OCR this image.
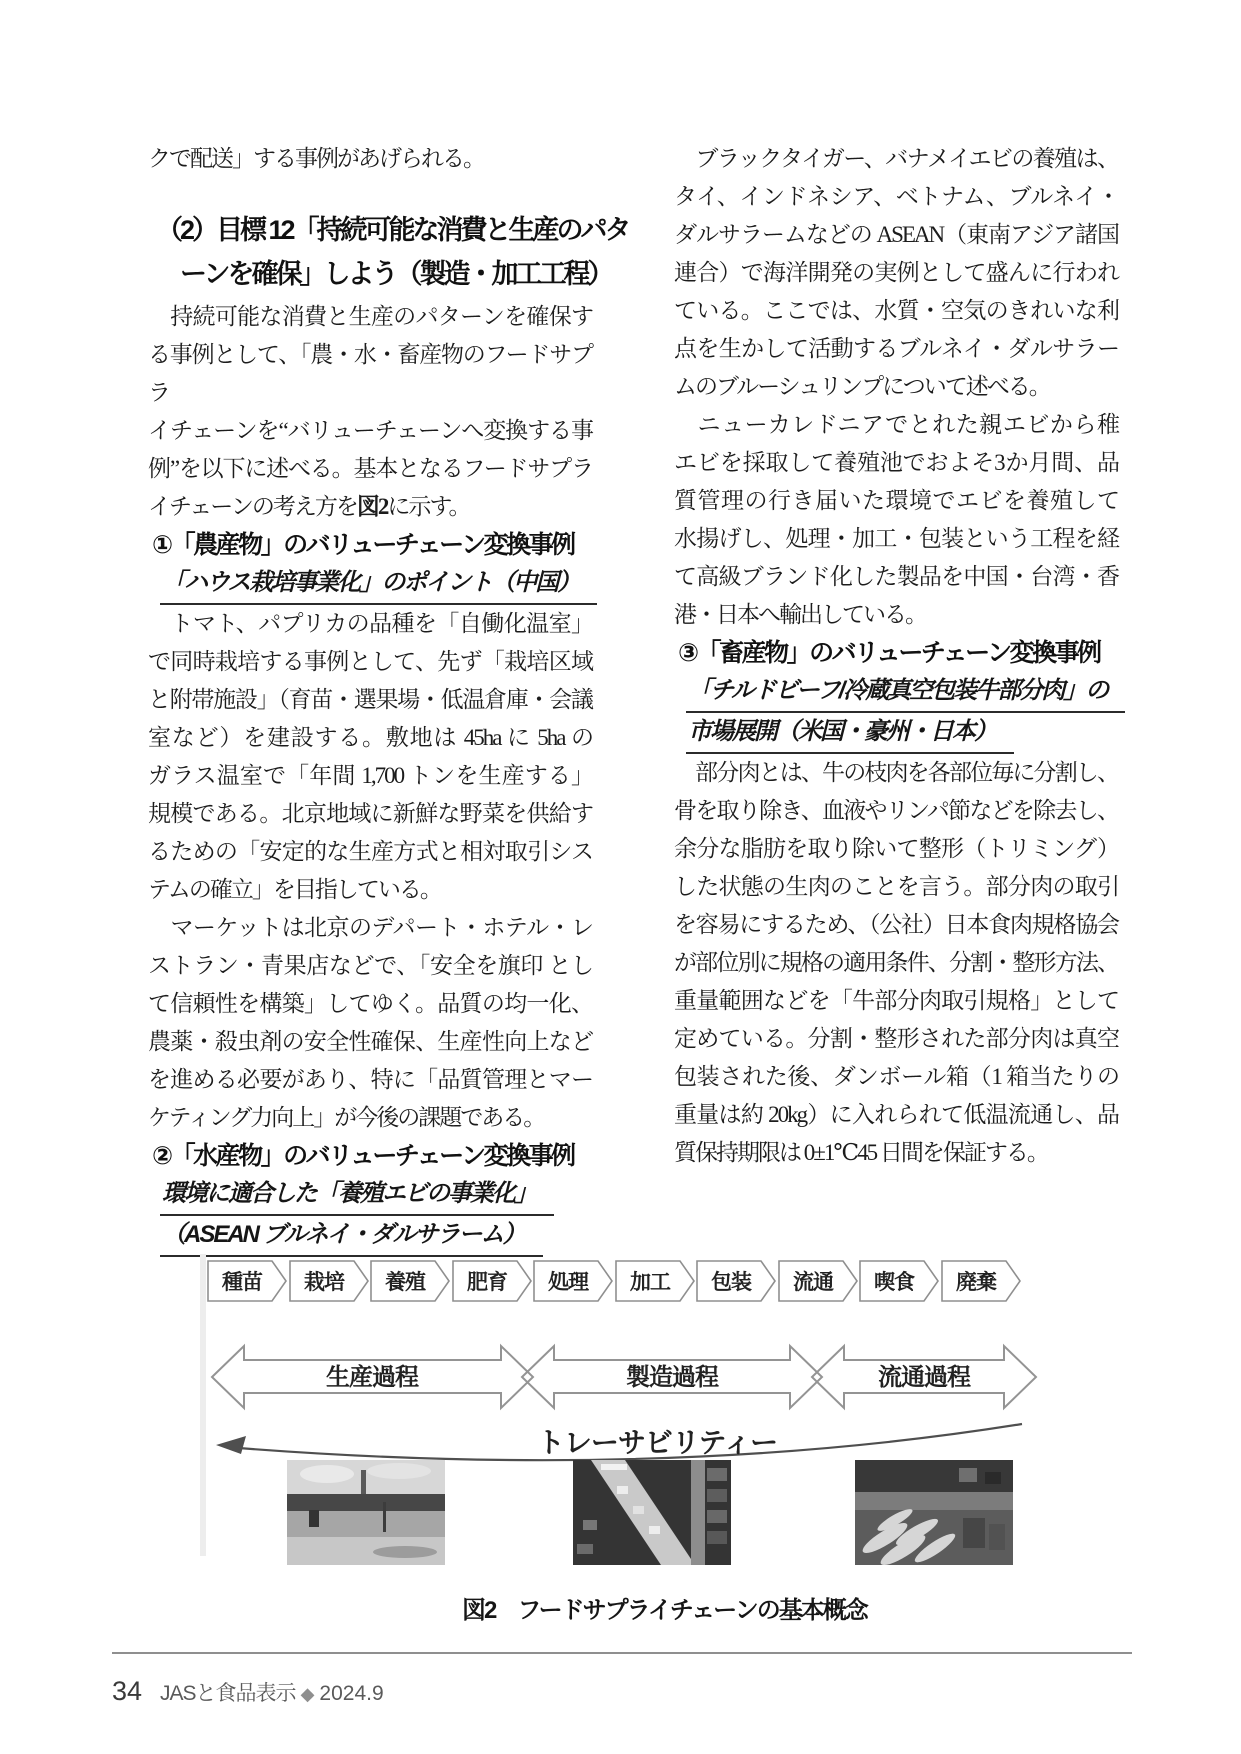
クで配送」する事例があげられる。
（2）目標 12「持続可能な消費と生産のパタ
　ーンを確保」しよう（製造・加工工程）
　持続可能な消費と生産のパターンを確保す
る事例として、「農・水・畜産物のフードサプラ
イチェーンを“バリューチェーンへ変換する事
例”を以下に述べる。基本となるフードサプラ
イチェーンの考え方を図2に示す。
①「農産物」のバリューチェーン変換事例
「ハウス栽培事業化」のポイント（中国）
　トマト、パプリカの品種を「自働化温室」
で同時栽培する事例として、先ず「栽培区域
と附帯施設」（育苗・選果場・低温倉庫・会議
室など）を建設する。敷地は 45ha に 5ha の
ガラス温室で「年間 1,700 トンを生産する」
規模である。北京地域に新鮮な野菜を供給す
るための「安定的な生産方式と相対取引シス
テムの確立」を目指している。
　マーケットは北京のデパート・ホテル・レ
ストラン・青果店などで、「安全を旗印 とし
て信頼性を構築」してゆく。品質の均一化、
農薬・殺虫剤の安全性確保、生産性向上など
を進める必要があり、特に「品質管理とマー
ケティング力向上」が今後の課題である。
②「水産物」のバリューチェーン変換事例
環境に適合した「養殖エビの事業化」
（ASEAN ブルネイ・ダルサラーム）
　ブラックタイガー、バナメイエビの養殖は、
タイ、インドネシア、ベトナム、ブルネイ・
ダルサラームなどの ASEAN（東南アジア諸国
連合）で海洋開発の実例として盛んに行われ
ている。ここでは、水質・空気のきれいな利
点を生かして活動するブルネイ・ダルサラー
ムのブルーシュリンプについて述べる。
　ニューカレドニアでとれた親エビから稚
エビを採取して養殖池でおよそ3か月間、品
質管理の行き届いた環境でエビを養殖して
水揚げし、処理・加工・包装という工程を経
て高級ブランド化した製品を中国・台湾・香
港・日本へ輸出している。
③「畜産物」のバリューチェーン変換事例
「チルドビーフ/冷蔵真空包装牛部分肉」の
市場展開（米国・豪州・日本）
　部分肉とは、牛の枝肉を各部位毎に分割し、
骨を取り除き、血液やリンパ節などを除去し、
余分な脂肪を取り除いて整形（トリミング）
した状態の生肉のことを言う。部分肉の取引
を容易にするため、（公社）日本食肉規格協会
が部位別に規格の適用条件、分割・整形方法、
重量範囲などを「牛部分肉取引規格」として
定めている。分割・整形された部分肉は真空
包装された後、ダンボール箱（1 箱当たりの
重量は約 20kg）に入れられて低温流通し、品
質保持期限は 0±1℃45 日間を保証する。
種苗 栽培 養殖 肥育 処理 加工 包装 流通 喫食 廃棄
生産過程	製造過程	流通過程
トレーサビリティー
図2　フードサプライチェーンの基本概念
34 JASと食品表示 ◆ 2024.9
